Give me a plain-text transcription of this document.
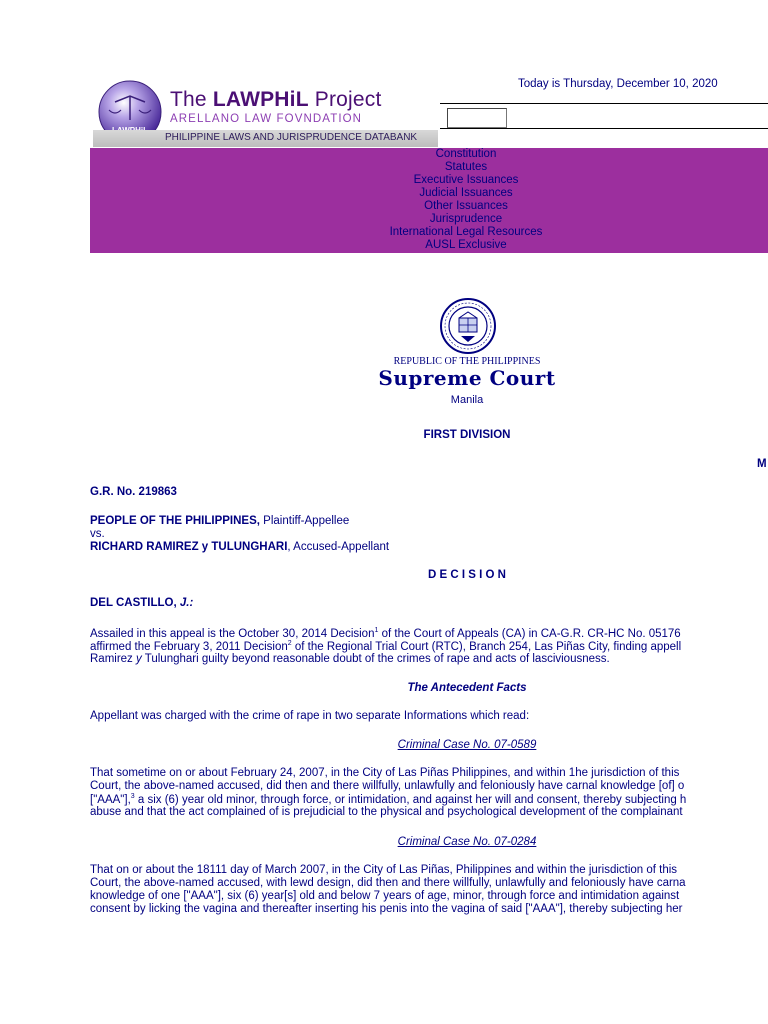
The LAWPHiL Project
ARELLANO LAW FOVNDATION
PHILIPPINE LAWS AND JURISPRUDENCE DATABANK
Today is Thursday, December 10, 2020
Constitution
Statutes
Executive Issuances
Judicial Issuances
Other Issuances
Jurisprudence
International Legal Resources
AUSL Exclusive
REPUBLIC OF THE PHILIPPINES
Supreme Court
Manila
FIRST DIVISION
M
G.R. No. 219863
PEOPLE OF THE PHILIPPINES, Plaintiff-Appellee
vs.
RICHARD RAMIREZ y TULUNGHARI, Accused-Appellant
D E C I S I O N
DEL CASTILLO, J.:
Assailed in this appeal is the October 30, 2014 Decision$^1$ of the Court of Appeals (CA) in CA-G.R. CR-HC No. 05176
affirmed the February 3, 2011 Decision$^2$ of the Regional Trial Court (RTC), Branch 254, Las Piñas City, finding appell
Ramirez y Tulunghari guilty beyond reasonable doubt of the crimes of rape and acts of lasciviousness.
The Antecedent Facts
Appellant was charged with the crime of rape in two separate Informations which read:
Criminal Case No. 07-0589
That sometime on or about February 24, 2007, in the City of Las Piñas Philippines, and within 1he jurisdiction of this
Court, the above-named accused, did then and there willfully, unlawfully and feloniously have carnal knowledge [of] o
["AAA"],$^3$ a six (6) year old minor, through force, or intimidation, and against her will and consent, thereby subjecting h
abuse and that the act complained of is prejudicial to the physical and psychological development of the complainant
Criminal Case No. 07-0284
That on or about the 18111 day of March 2007, in the City of Las Piñas, Philippines and within the jurisdiction of this
Court, the above-named accused, with lewd design, did then and there willfully, unlawfully and feloniously have carna
knowledge of one ["AAA"], six (6) year[s] old and below 7 years of age, minor, through force and intimidation against
consent by licking the vagina and thereafter inserting his penis into the vagina of said ["AAA"], thereby subjecting her
